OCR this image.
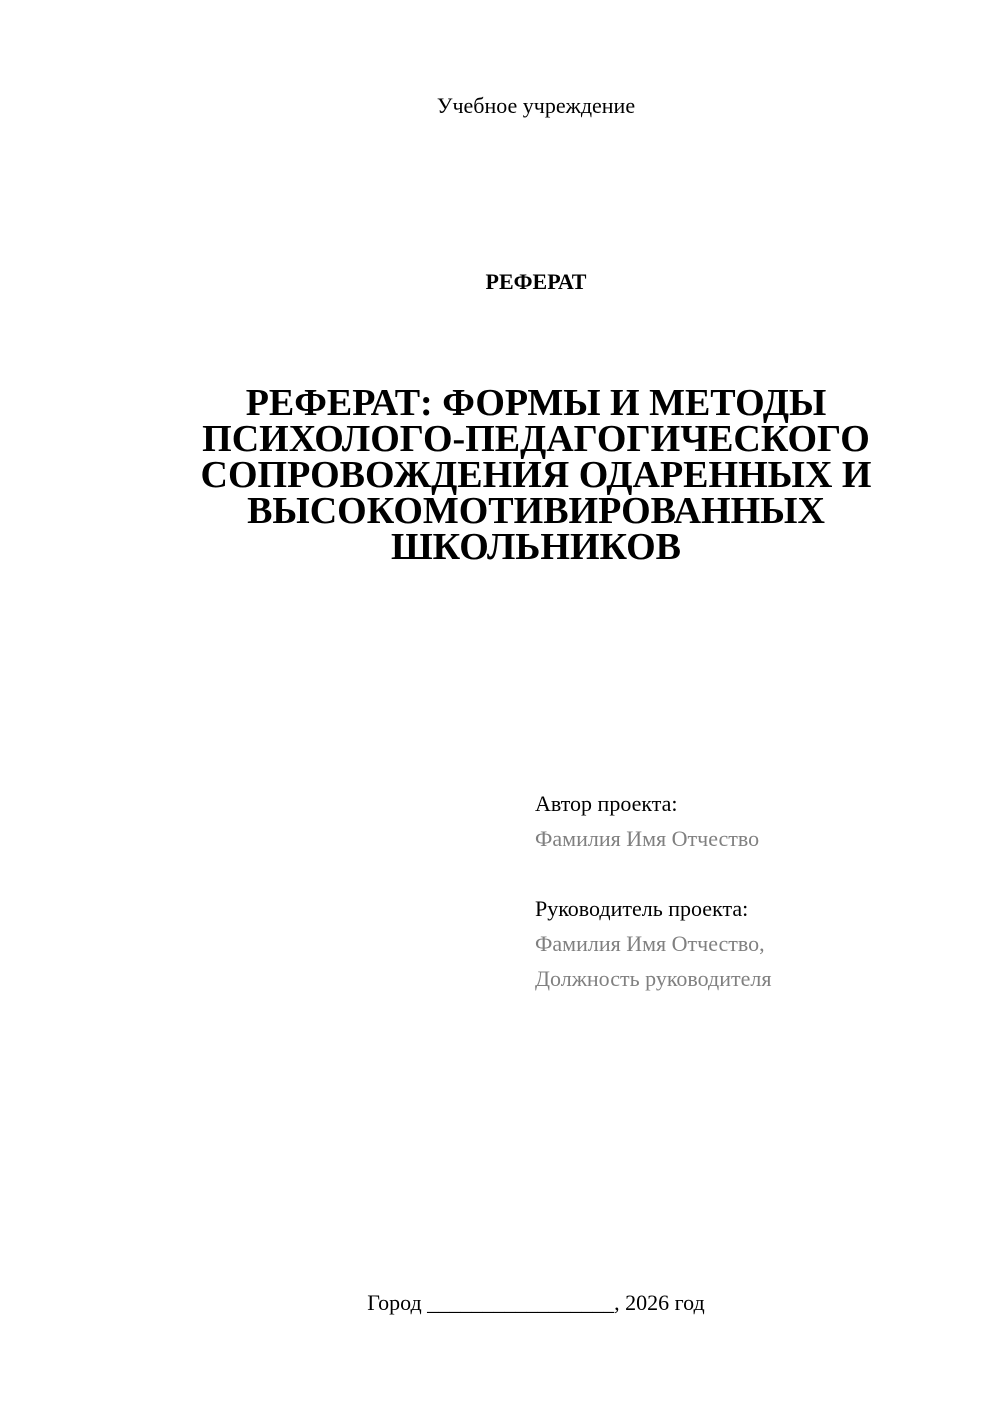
Учебное учреждение
РЕФЕРАТ
РЕФЕРАТ: ФОРМЫ И МЕТОДЫ ПСИХОЛОГО-ПЕДАГОГИЧЕСКОГО СОПРОВОЖДЕНИЯ ОДАРЕННЫХ И ВЫСОКОМОТИВИРОВАННЫХ ШКОЛЬНИКОВ
Автор проекта:
Фамилия Имя Отчество
Руководитель проекта:
Фамилия Имя Отчество,
Должность руководителя
Город _________________, 2026 год
